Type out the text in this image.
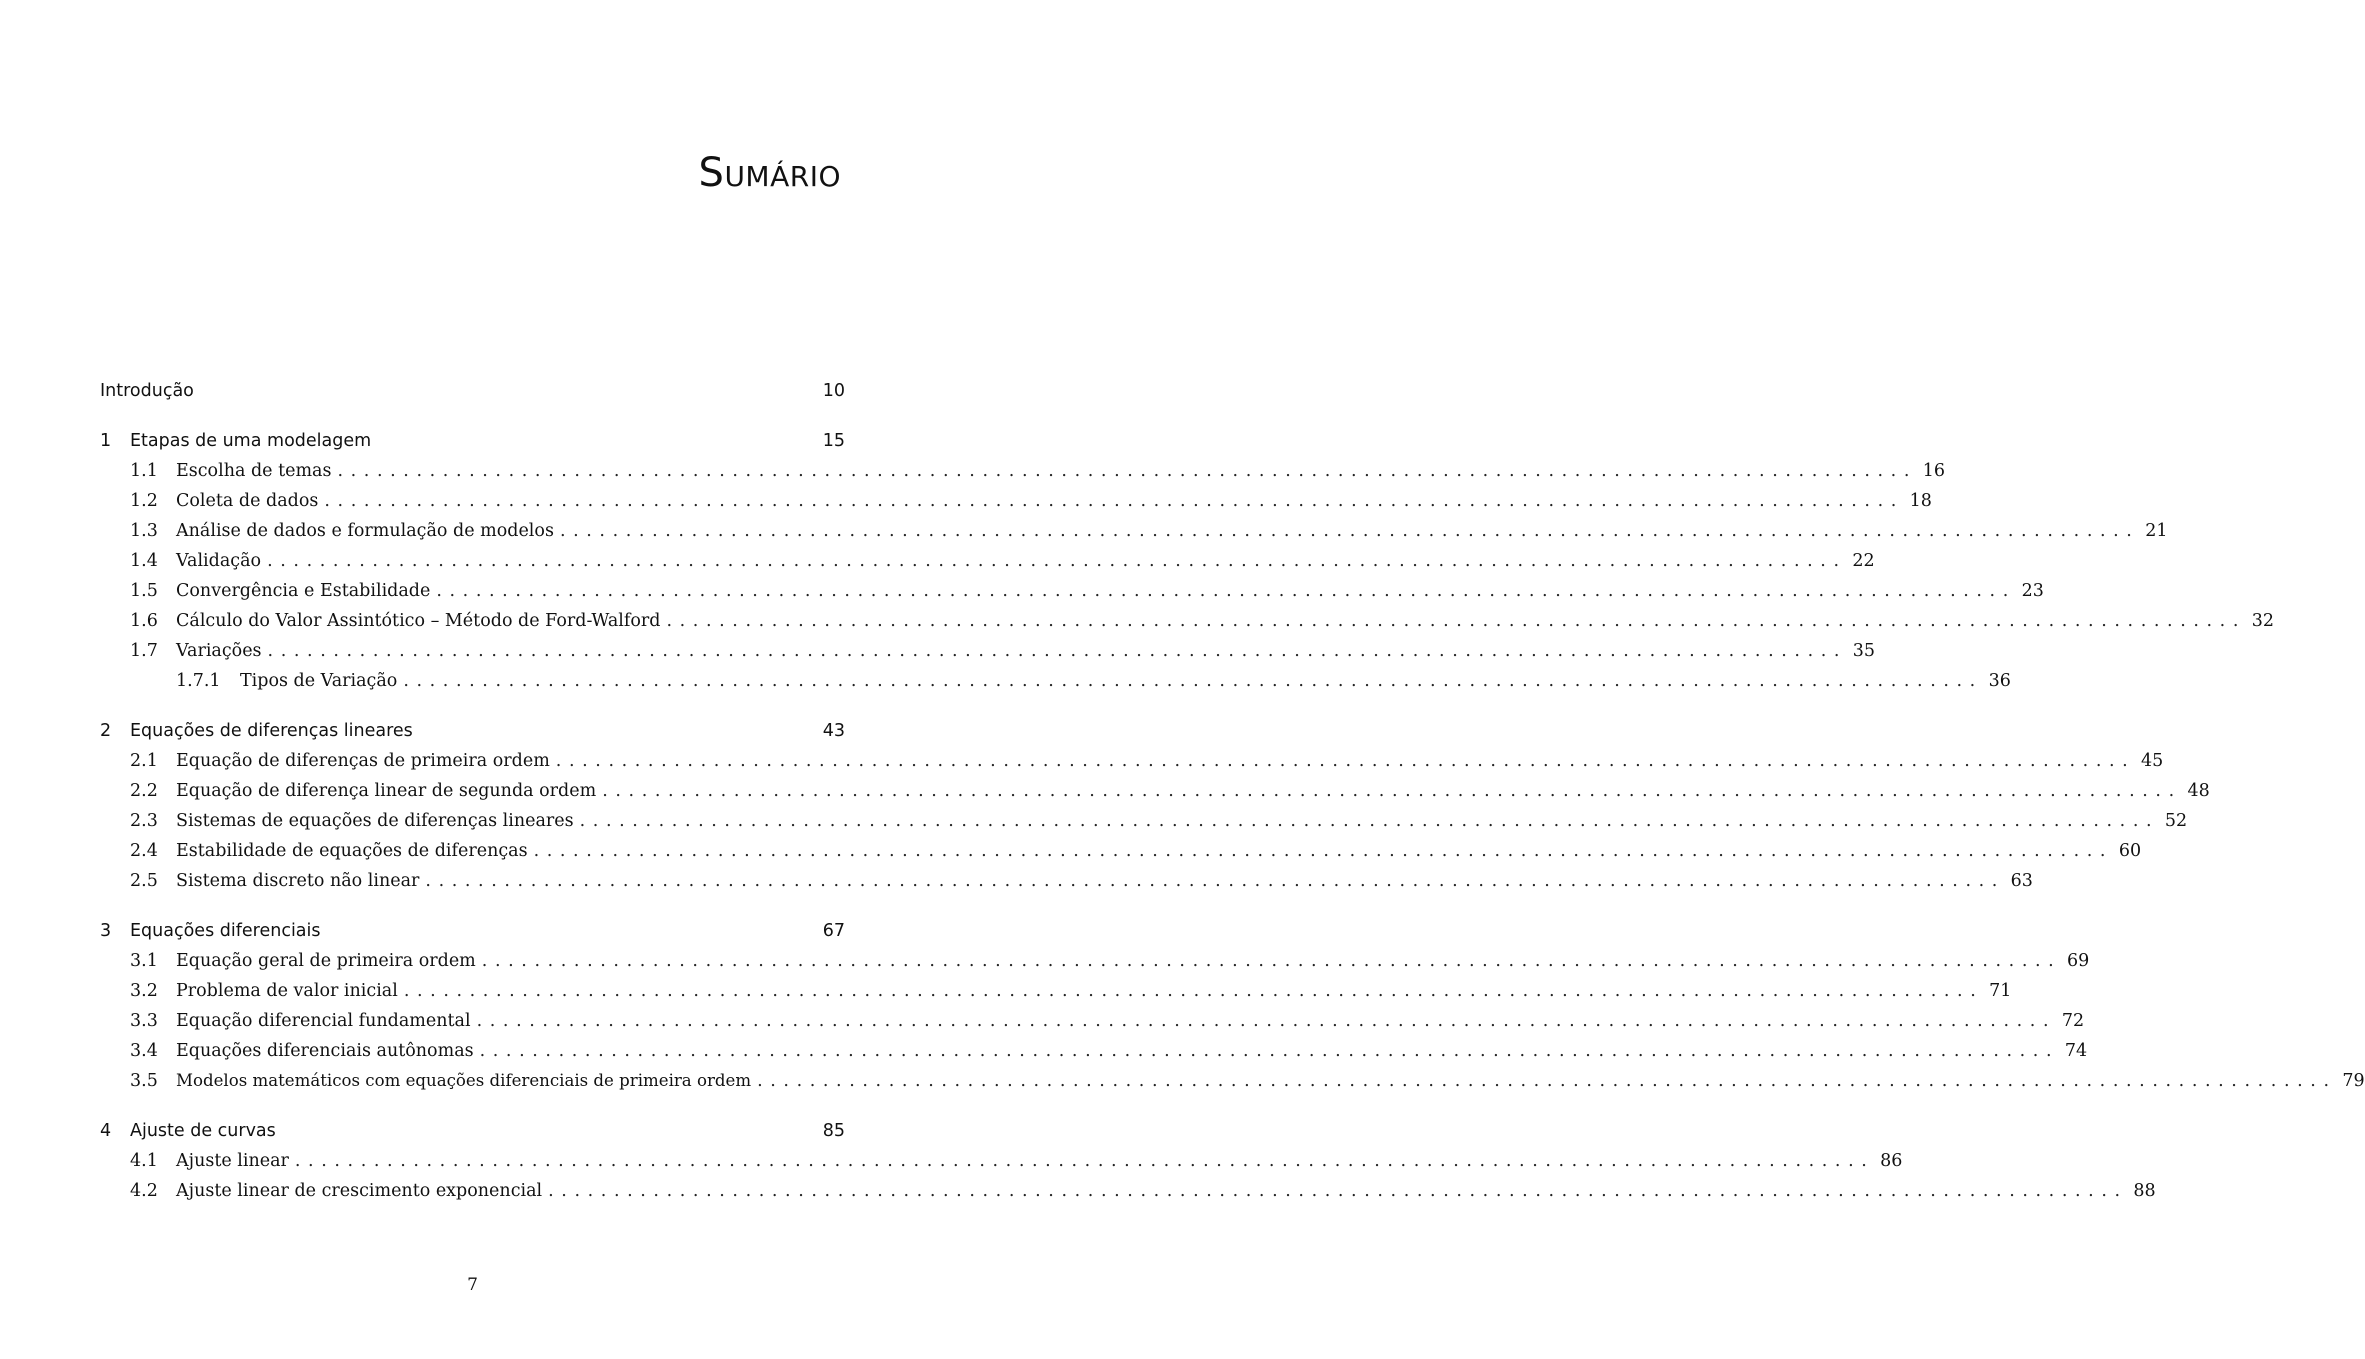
Sumário
Introdução	10
1	Etapas de uma modelagem	15
1.1	Escolha de temas ........................................................................................................................ 16
1.2	Coleta de dados ........................................................................................................................ 18
1.3	Análise de dados e formulação de modelos ........................................................................................................................ 21
1.4	Validação ........................................................................................................................ 22
1.5	Convergência e Estabilidade ........................................................................................................................ 23
1.6	Cálculo do Valor Assintótico – Método de Ford-Walford ........................................................................................................................ 32
1.7	Variações ........................................................................................................................ 35
1.7.1	Tipos de Variação ........................................................................................................................ 36
2	Equações de diferenças lineares	43
2.1	Equação de diferenças de primeira ordem ........................................................................................................................ 45
2.2	Equação de diferença linear de segunda ordem ........................................................................................................................ 48
2.3	Sistemas de equações de diferenças lineares ........................................................................................................................ 52
2.4	Estabilidade de equações de diferenças ........................................................................................................................ 60
2.5	Sistema discreto não linear ........................................................................................................................ 63
3	Equações diferenciais	67
3.1	Equação geral de primeira ordem ........................................................................................................................ 69
3.2	Problema de valor inicial ........................................................................................................................ 71
3.3	Equação diferencial fundamental ........................................................................................................................ 72
3.4	Equações diferenciais autônomas ........................................................................................................................ 74
3.5	Modelos matemáticos com equações diferenciais de primeira ordem ........................................................................................................................ 79
4	Ajuste de curvas	85
4.1	Ajuste linear ........................................................................................................................ 86
4.2	Ajuste linear de crescimento exponencial ........................................................................................................................ 88
7
